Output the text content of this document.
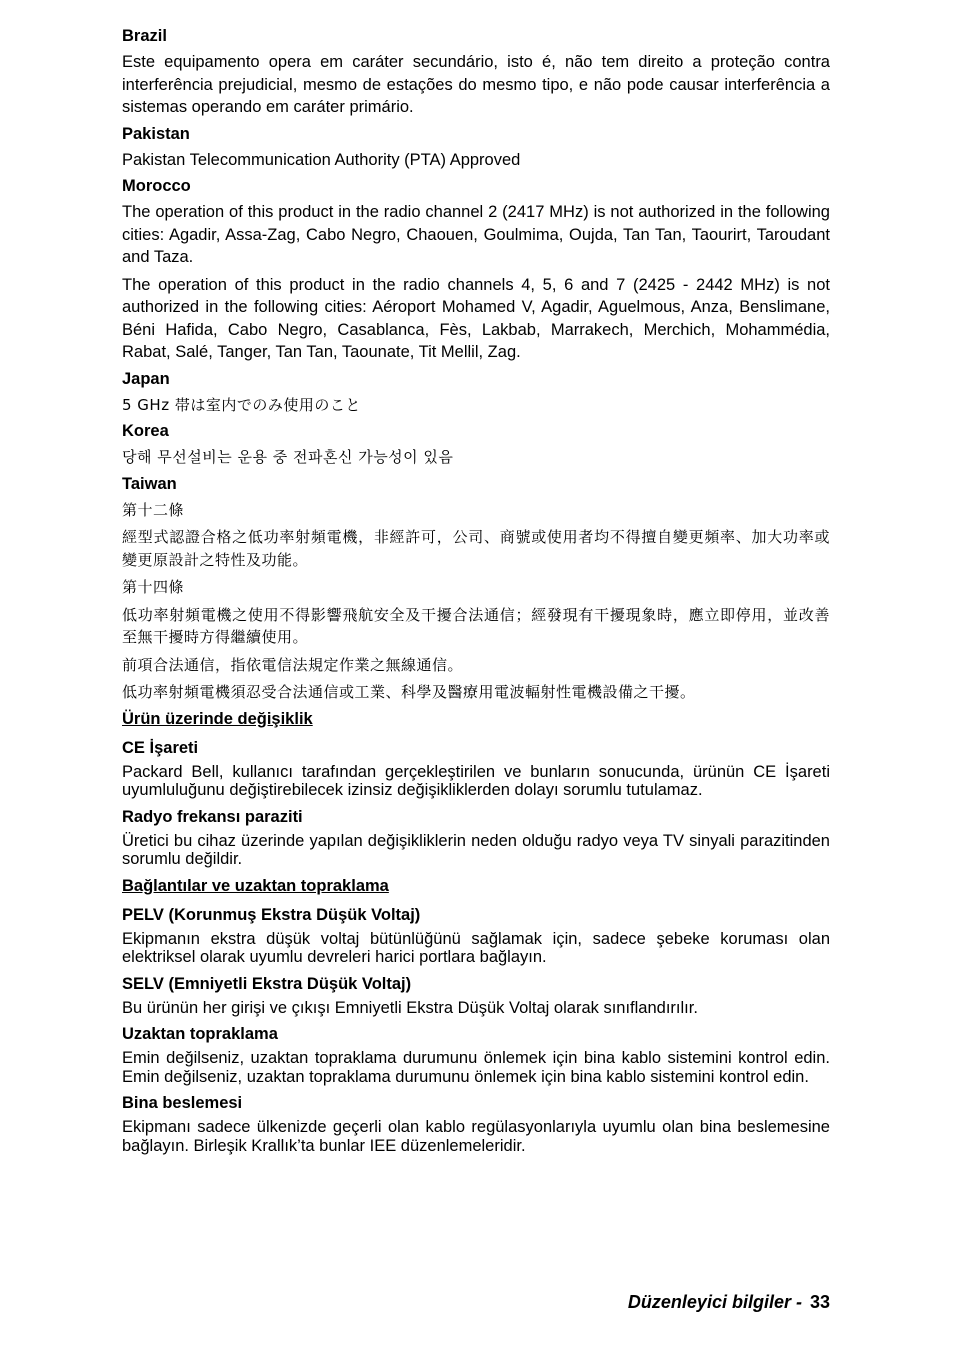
Brazil

Este equipamento opera em caráter secundário, isto é, não tem direito a proteção contra interferência prejudicial, mesmo de estações do mesmo tipo, e não pode causar interferência a sistemas operando em caráter primário.

Pakistan

Pakistan Telecommunication Authority (PTA) Approved

Morocco

The operation of this product in the radio channel 2 (2417 MHz) is not authorized in the following cities: Agadir, Assa-Zag, Cabo Negro, Chaouen, Goulmima, Oujda, Tan Tan, Taourirt, Taroudant and Taza.

The operation of this product in the radio channels 4, 5, 6 and 7 (2425 - 2442 MHz) is not authorized in the following cities: Aéroport Mohamed V, Agadir, Aguelmous, Anza, Benslimane, Béni Hafida, Cabo Negro, Casablanca, Fès, Lakbab, Marrakech, Merchich, Mohammédia, Rabat, Salé, Tanger, Tan Tan, Taounate, Tit Mellil, Zag.

Japan

5 GHz 帯は室内でのみ使用のこと

Korea

당해 무선설비는 운용 중 전파혼신 가능성이 있음

Taiwan

第十二條

經型式認證合格之低功率射頻電機，非經許可，公司、商號或使用者均不得擅自變更頻率、加大功率或變更原設計之特性及功能。

第十四條

低功率射頻電機之使用不得影響飛航安全及干擾合法通信；經發現有干擾現象時，應立即停用，並改善至無干擾時方得繼續使用。

前項合法通信，指依電信法規定作業之無線通信。

低功率射頻電機須忍受合法通信或工業、科學及醫療用電波輻射性電機設備之干擾。

Ürün üzerinde değişiklik
CE İşareti

Packard Bell, kullanıcı tarafından gerçekleştirilen ve bunların sonucunda, ürünün CE İşareti uyumluluğunu değiştirebilecek izinsiz değişikliklerden dolayı sorumlu tutulamaz.

Radyo frekansı paraziti

Üretici bu cihaz üzerinde yapılan değişikliklerin neden olduğu radyo veya TV sinyali parazitinden sorumlu değildir.

Bağlantılar ve uzaktan topraklama
PELV (Korunmuş Ekstra Düşük Voltaj)

Ekipmanın ekstra düşük voltaj bütünlüğünü sağlamak için, sadece şebeke koruması olan elektriksel olarak uyumlu devreleri harici portlara bağlayın.

SELV (Emniyetli Ekstra Düşük Voltaj)

Bu ürünün her girişi ve çıkışı Emniyetli Ekstra Düşük Voltaj olarak sınıflandırılır.

Uzaktan topraklama

Emin değilseniz, uzaktan topraklama durumunu önlemek için bina kablo sistemini kontrol edin. Emin değilseniz, uzaktan topraklama durumunu önlemek için bina kablo sistemini kontrol edin.

Bina beslemesi

Ekipmanı sadece ülkenizde geçerli olan kablo regülasyonlarıyla uyumlu olan bina beslemesine bağlayın. Birleşik Krallık’ta bunlar IEE düzenlemeleridir.

Düzenleyici bilgiler - 33
